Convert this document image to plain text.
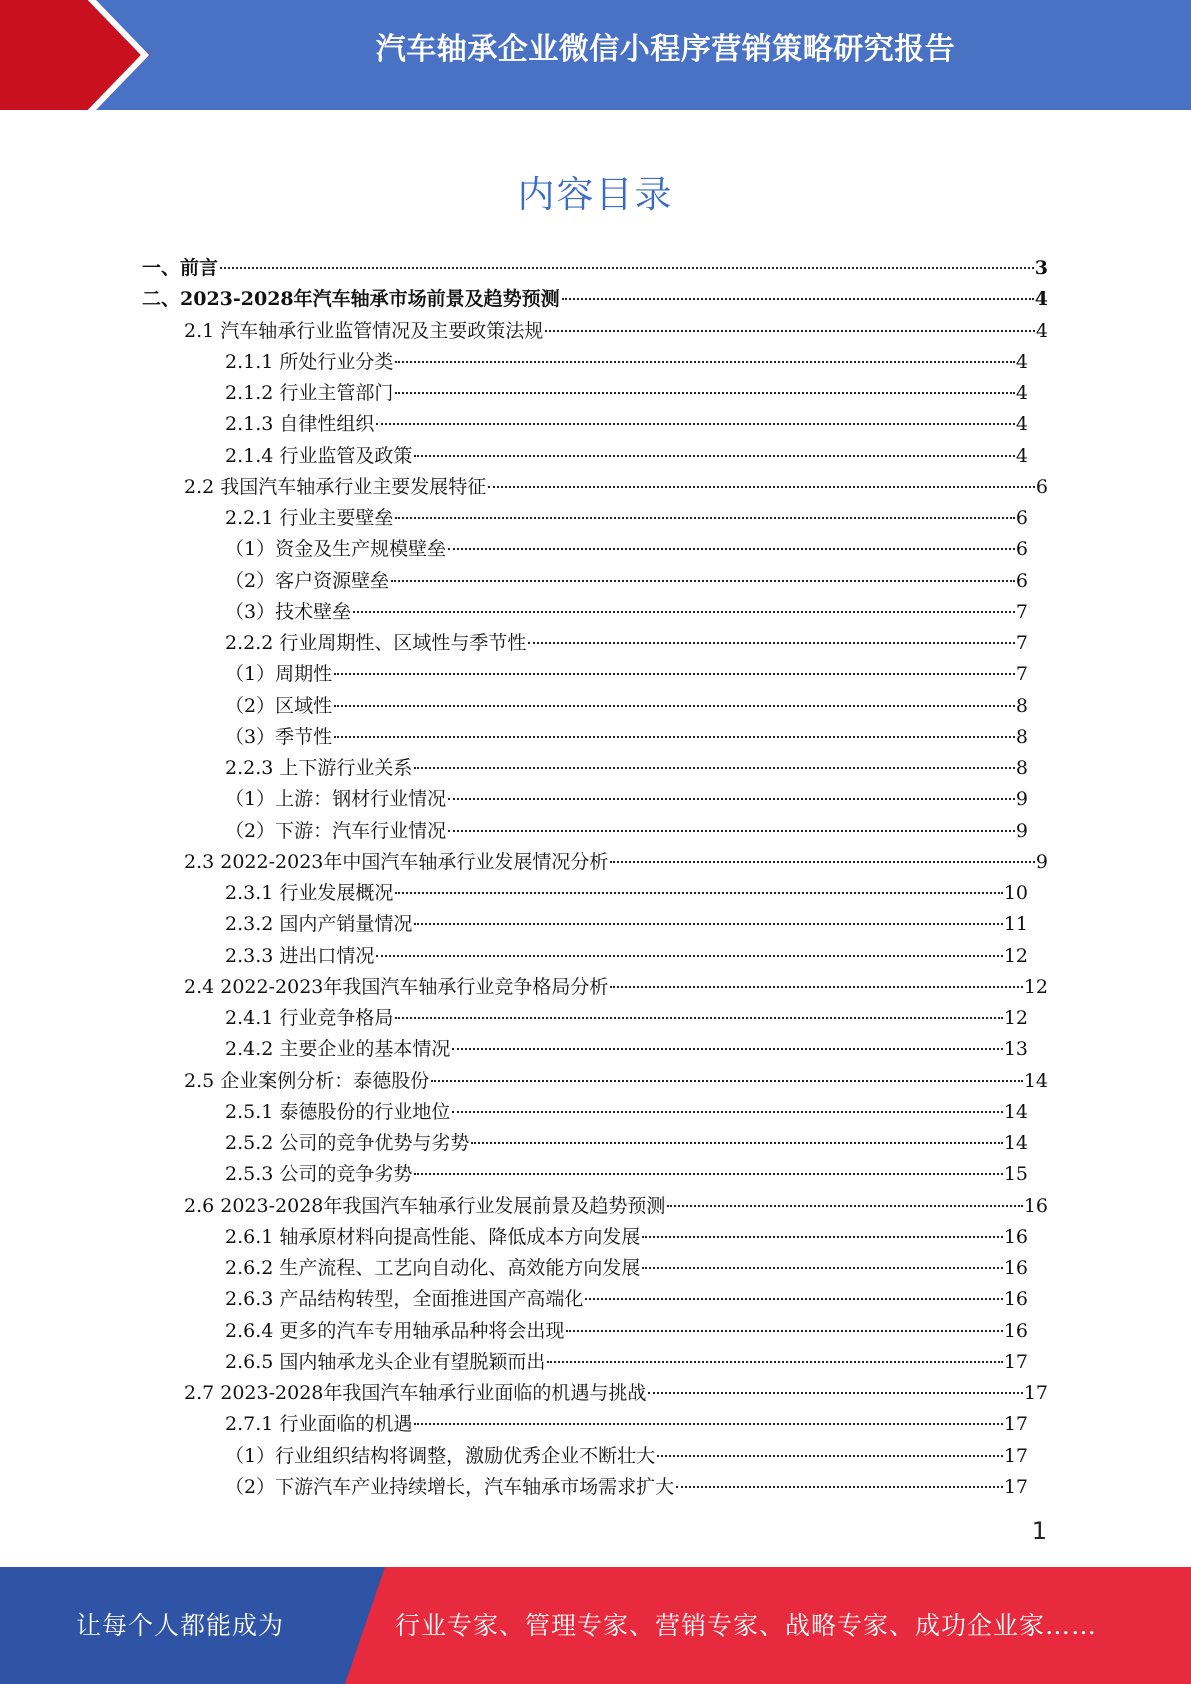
汽车轴承企业微信小程序营销策略研究报告
内容目录
一、前言	3
二、2023-2028年汽车轴承市场前景及趋势预测	4
2.1 汽车轴承行业监管情况及主要政策法规	4
2.1.1 所处行业分类	4
2.1.2 行业主管部门	4
2.1.3 自律性组织	4
2.1.4 行业监管及政策	4
2.2 我国汽车轴承行业主要发展特征	6
2.2.1 行业主要壁垒	6
（1）资金及生产规模壁垒	6
（2）客户资源壁垒	6
（3）技术壁垒	7
2.2.2 行业周期性、区域性与季节性	7
（1）周期性	7
（2）区域性	8
（3）季节性	8
2.2.3 上下游行业关系	8
（1）上游：钢材行业情况	9
（2）下游：汽车行业情况	9
2.3 2022-2023年中国汽车轴承行业发展情况分析	9
2.3.1 行业发展概况	10
2.3.2 国内产销量情况	11
2.3.3 进出口情况	12
2.4 2022-2023年我国汽车轴承行业竞争格局分析	12
2.4.1 行业竞争格局	12
2.4.2 主要企业的基本情况	13
2.5 企业案例分析：泰德股份	14
2.5.1 泰德股份的行业地位	14
2.5.2 公司的竞争优势与劣势	14
2.5.3 公司的竞争劣势	15
2.6 2023-2028年我国汽车轴承行业发展前景及趋势预测	16
2.6.1 轴承原材料向提高性能、降低成本方向发展	16
2.6.2 生产流程、工艺向自动化、高效能方向发展	16
2.6.3 产品结构转型，全面推进国产高端化	16
2.6.4 更多的汽车专用轴承品种将会出现	16
2.6.5 国内轴承龙头企业有望脱颖而出	17
2.7 2023-2028年我国汽车轴承行业面临的机遇与挑战	17
2.7.1 行业面临的机遇	17
（1）行业组织结构将调整，激励优秀企业不断壮大	17
（2）下游汽车产业持续增长，汽车轴承市场需求扩大	17
1
让每个人都能成为	行业专家、管理专家、营销专家、战略专家、成功企业家……
